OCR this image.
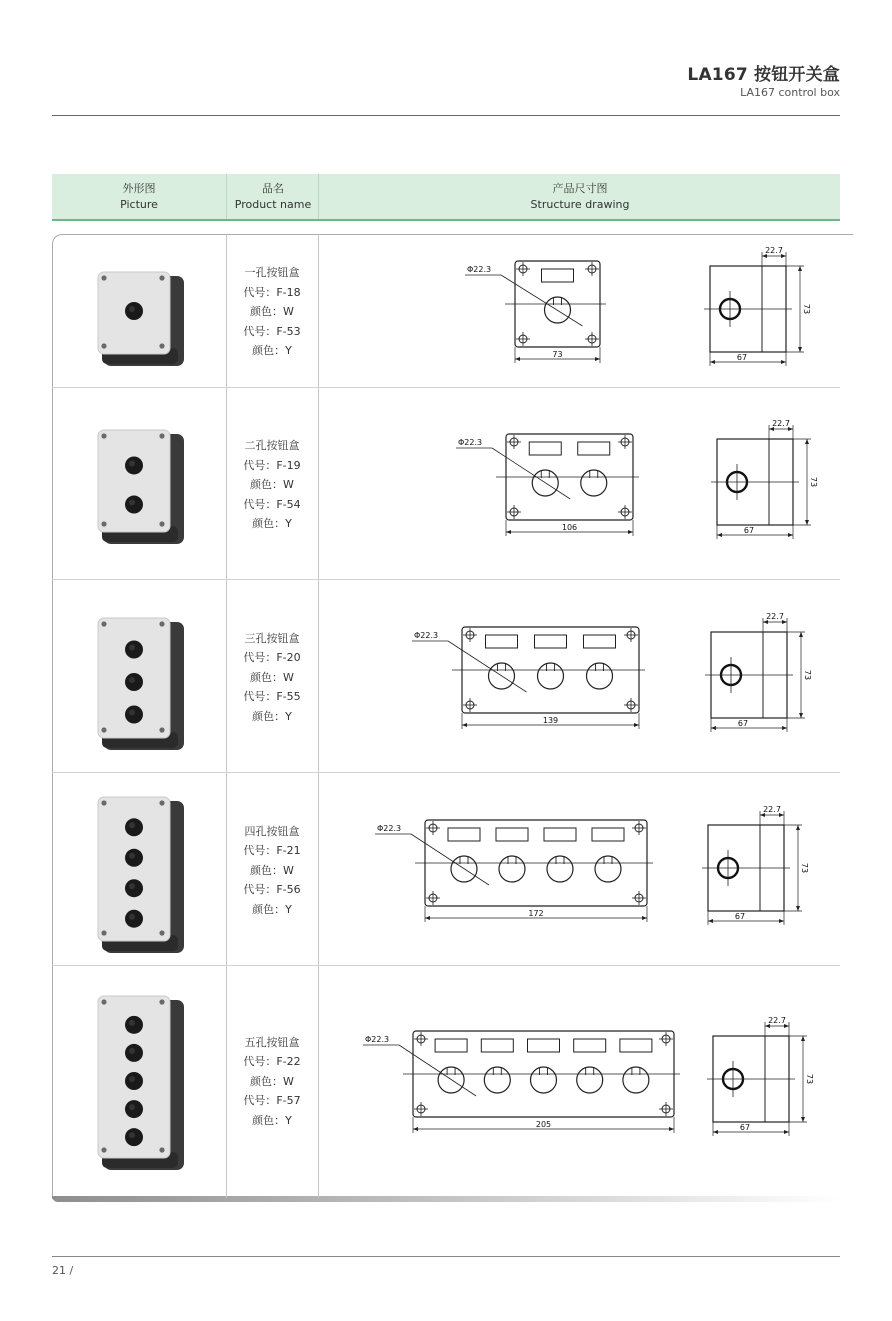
LA167 按钮开关盒
LA167 control box
外形图
Picture
品名
Product name
产品尺寸图
Structure drawing
一孔按钮盒
代号：F-18
颜色：W
代号：F-53
颜色：Y
Φ22.3
73
22.7
67
73
二孔按钮盒
代号：F-19
颜色：W
代号：F-54
颜色：Y
Φ22.3
106
22.7
67
73
三孔按钮盒
代号：F-20
颜色：W
代号：F-55
颜色：Y
Φ22.3
139
22.7
67
73
四孔按钮盒
代号：F-21
颜色：W
代号：F-56
颜色：Y
Φ22.3
172
22.7
67
73
五孔按钮盒
代号：F-22
颜色：W
代号：F-57
颜色：Y
Φ22.3
205
22.7
67
73
21 /
